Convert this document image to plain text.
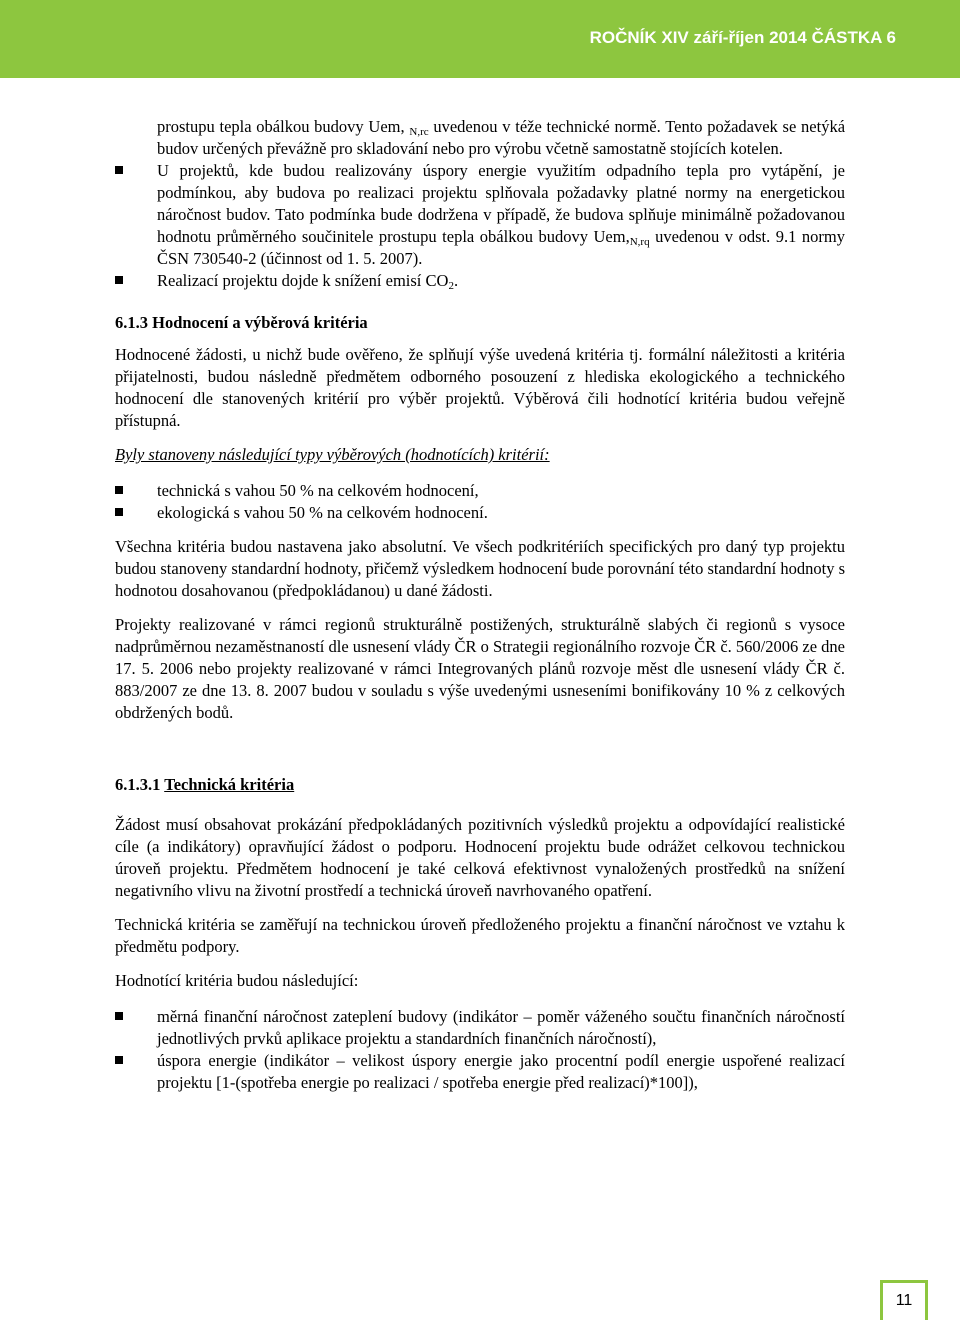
ROČNÍK XIV září-říjen 2014 ČÁSTKA 6

prostupu tepla obálkou budovy Uem, $_{N,rc}$ uvedenou v téže technické normě. Tento požadavek se netýká budov určených převážně pro skladování nebo pro výrobu včetně samostatně stojících kotelen.

U projektů, kde budou realizovány úspory energie využitím odpadního tepla pro vytápění, je podmínkou, aby budova po realizaci projektu splňovala požadavky platné normy na energetickou náročnost budov. Tato podmínka bude dodržena v případě, že budova splňuje minimálně požadovanou hodnotu průměrného součinitele prostupu tepla obálkou budovy $Uem,_{N,rq}$ uvedenou v odst. 9.1 normy ČSN 730540-2 (účinnost od 1. 5. 2007).
Realizací projektu dojde k snížení emisí $CO_2$.
6.1.3 Hodnocení a výběrová kritéria

Hodnocené žádosti, u nichž bude ověřeno, že splňují výše uvedená kritéria tj. formální náležitosti a kritéria přijatelnosti, budou následně předmětem odborného posouzení z hlediska ekologického a technického hodnocení dle stanovených kritérií pro výběr projektů. Výběrová čili hodnotící kritéria budou veřejně přístupná.

Byly stanoveny následující typy výběrových (hodnotících) kritérií:

technická s vahou 50 % na celkovém hodnocení,
ekologická s vahou 50 % na celkovém hodnocení.

Všechna kritéria budou nastavena jako absolutní. Ve všech podkritériích specifických pro daný typ projektu budou stanoveny standardní hodnoty, přičemž výsledkem hodnocení bude porovnání této standardní hodnoty s hodnotou dosahovanou (předpokládanou) u dané žádosti.

Projekty realizované v rámci regionů strukturálně postižených, strukturálně slabých či regionů s vysoce nadprůměrnou nezaměstnaností dle usnesení vlády ČR o Strategii regionálního rozvoje ČR č. 560/2006 ze dne 17. 5. 2006 nebo projekty realizované v rámci Integrovaných plánů rozvoje měst dle usnesení vlády ČR č. 883/2007 ze dne 13. 8. 2007 budou v souladu s výše uvedenými usneseními bonifikovány 10 % z celkových obdržených bodů.

6.1.3.1 Technická kritéria

Žádost musí obsahovat prokázání předpokládaných pozitivních výsledků projektu a odpovídající realistické cíle (a indikátory) opravňující žádost o podporu. Hodnocení projektu bude odrážet celkovou technickou úroveň projektu. Předmětem hodnocení je také celková efektivnost vynaložených prostředků na snížení negativního vlivu na životní prostředí a technická úroveň navrhovaného opatření.

Technická kritéria se zaměřují na technickou úroveň předloženého projektu a finanční náročnost ve vztahu k předmětu podpory.

Hodnotící kritéria budou následující:

měrná finanční náročnost zateplení budovy (indikátor – poměr váženého součtu finančních náročností jednotlivých prvků aplikace projektu a standardních finančních náročností),
úspora energie (indikátor – velikost úspory energie jako procentní podíl energie uspořené realizací projektu [1-(spotřeba energie po realizaci / spotřeba energie před realizací)*100]),
11
